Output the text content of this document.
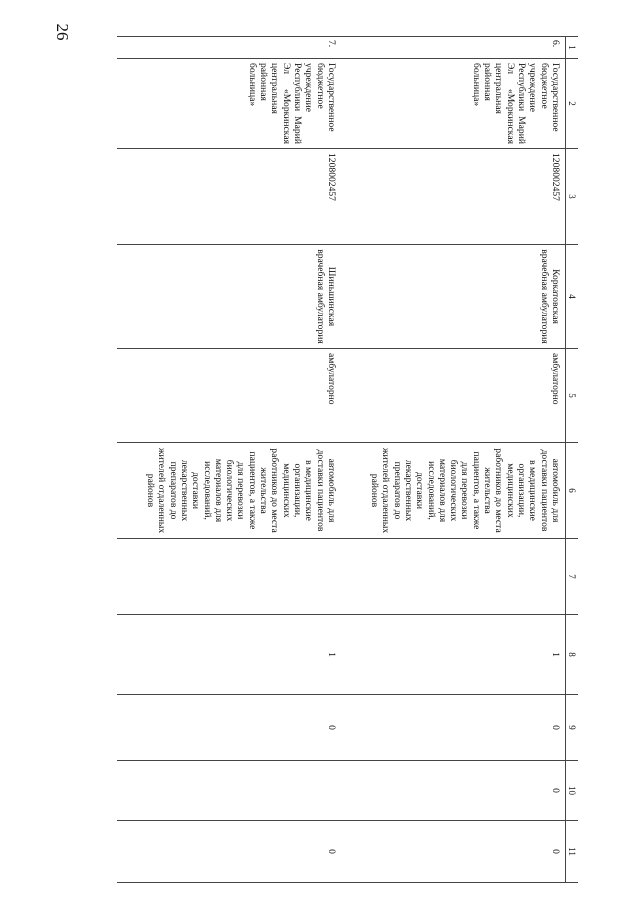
26
1	2	3	4	5	6	7	8	9	10	11
6.	Государственное бюджетное учреждение Республики Марий Эл «Моркинская центральная районная больница»	1208002457	Коркатовская врачебная амбулатория	амбулаторно	автомобиль для доставки пациентов в медицинские организации, медицинских работников до места жительства пациентов, а также для перевозки биологических материалов для исследований, доставки лекарственных препаратов до жителей отдаленных районов		1	0	0	0
7.	Государственное бюджетное учреждение Республики Марий Эл «Моркинская центральная районная больница»	1208002457	Шиньшинская врачебная амбулатория	амбулаторно	автомобиль для доставки пациентов в медицинские организации, медицинских работников до места жительства пациентов, а также для перевозки биологических материалов для исследований, доставки лекарственных препаратов до жителей отдаленных районов		1	0		0
